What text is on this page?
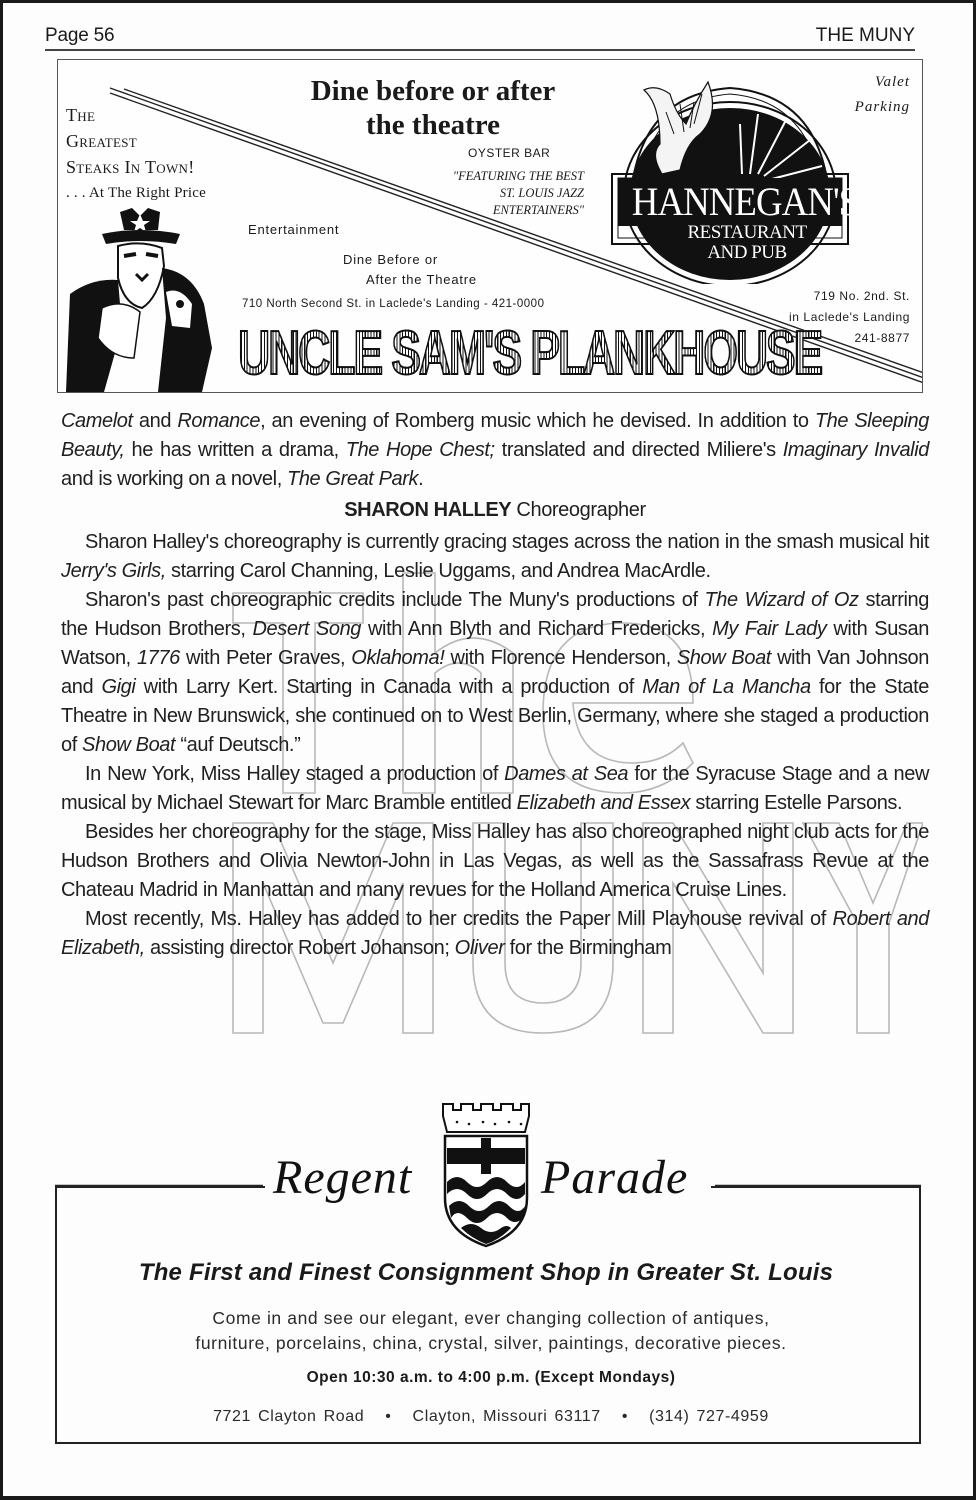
Page 56	THE MUNY
The
Greatest
Steaks In Town!
. . . At The Right Price
Dine before or after
the theatre
OYSTER BAR
"FEATURING THE BEST
ST. LOUIS JAZZ
ENTERTAINERS"
Entertainment
Dine Before or
After the Theatre
710 North Second St. in Laclede's Landing - 421-0000
UNCLE SAM'S PLANKHOUSE
Valet
Parking
HANNEGAN'S
RESTAURANT
AND PUB
719 No. 2nd. St.
in Laclede's Landing
241-8877

Camelot and Romance, an evening of Romberg music which he devised. In addition to The Sleeping Beauty, he has written a drama, The Hope Chest; translated and directed Miliere's Imaginary Invalid and is working on a novel, The Great Park.

SHARON HALLEY Choreographer

Sharon Halley's choreography is currently gracing stages across the nation in the smash musical hit Jerry's Girls, starring Carol Channing, Leslie Uggams, and Andrea MacArdle.

Sharon's past choreographic credits include The Muny's productions of The Wizard of Oz starring the Hudson Brothers, Desert Song with Ann Blyth and Richard Fredericks, My Fair Lady with Susan Watson, 1776 with Peter Graves, Oklahoma! with Florence Henderson, Show Boat with Van Johnson and Gigi with Larry Kert. Starting in Canada with a production of Man of La Mancha for the State Theatre in New Brunswick, she continued on to West Berlin, Germany, where she staged a production of Show Boat “auf Deutsch.”

In New York, Miss Halley staged a production of Dames at Sea for the Syracuse Stage and a new musical by Michael Stewart for Marc Bramble entitled Elizabeth and Essex starring Estelle Parsons.

Besides her choreography for the stage, Miss Halley has also choreographed night club acts for the Hudson Brothers and Olivia Newton-John in Las Vegas, as well as the Sassafrass Revue at the Chateau Madrid in Manhattan and many revues for the Holland America Cruise Lines.

Most recently, Ms. Halley has added to her credits the Paper Mill Playhouse revival of Robert and Elizabeth, assisting director Robert Johanson; Oliver for the Birmingham

Regent	Parade
The First and Finest Consignment Shop in Greater St. Louis
Come in and see our elegant, ever changing collection of antiques,
furniture, porcelains, china, crystal, silver, paintings, decorative pieces.
Open 10:30 a.m. to 4:00 p.m. (Except Mondays)
7721 Clayton Road • Clayton, Missouri 63117 • (314) 727-4959
